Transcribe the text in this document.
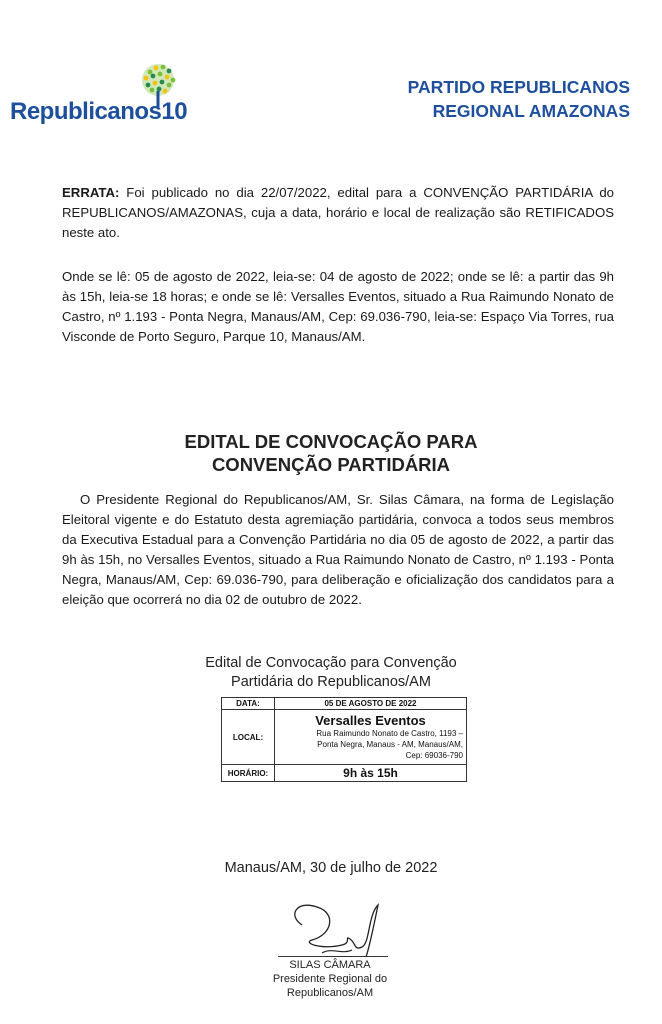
Republicanos10
PARTIDO REPUBLICANOS
REGIONAL AMAZONAS
ERRATA: Foi publicado no dia 22/07/2022, edital para a CONVENÇÃO PARTIDÁRIA do REPUBLICANOS/AMAZONAS, cuja a data, horário e local de realização são RETIFICADOS neste ato.
Onde se lê: 05 de agosto de 2022, leia-se: 04 de agosto de 2022; onde se lê: a partir das 9h às 15h, leia-se 18 horas; e onde se lê: Versalles Eventos, situado a Rua Raimundo Nonato de Castro, nº 1.193 - Ponta Negra, Manaus/AM, Cep: 69.036-790, leia-se: Espaço Via Torres, rua Visconde de Porto Seguro, Parque 10, Manaus/AM.
EDITAL DE CONVOCAÇÃO PARA
CONVENÇÃO PARTIDÁRIA
O Presidente Regional do Republicanos/AM, Sr. Silas Câmara, na forma de Legislação Eleitoral vigente e do Estatuto desta agremiação partidária, convoca a todos seus membros da Executiva Estadual para a Convenção Partidária no dia 05 de agosto de 2022, a partir das 9h às 15h, no Versalles Eventos, situado a Rua Raimundo Nonato de Castro, nº 1.193 - Ponta Negra, Manaus/AM, Cep: 69.036-790, para deliberação e oficialização dos candidatos para a eleição que ocorrerá no dia 02 de outubro de 2022.
Edital de Convocação para Convenção
Partidária do Republicanos/AM
DATA:	05 DE AGOSTO DE 2022
LOCAL:	Versalles Eventos
Rua Raimundo Nonato de Castro, 1193 –
Ponta Negra, Manaus - AM, Manaus/AM,
Cep: 69036-790

HORÁRIO:	9h às 15h
Manaus/AM, 30 de julho de 2022
SILAS CÂMARA
Presidente Regional do
Republicanos/AM
